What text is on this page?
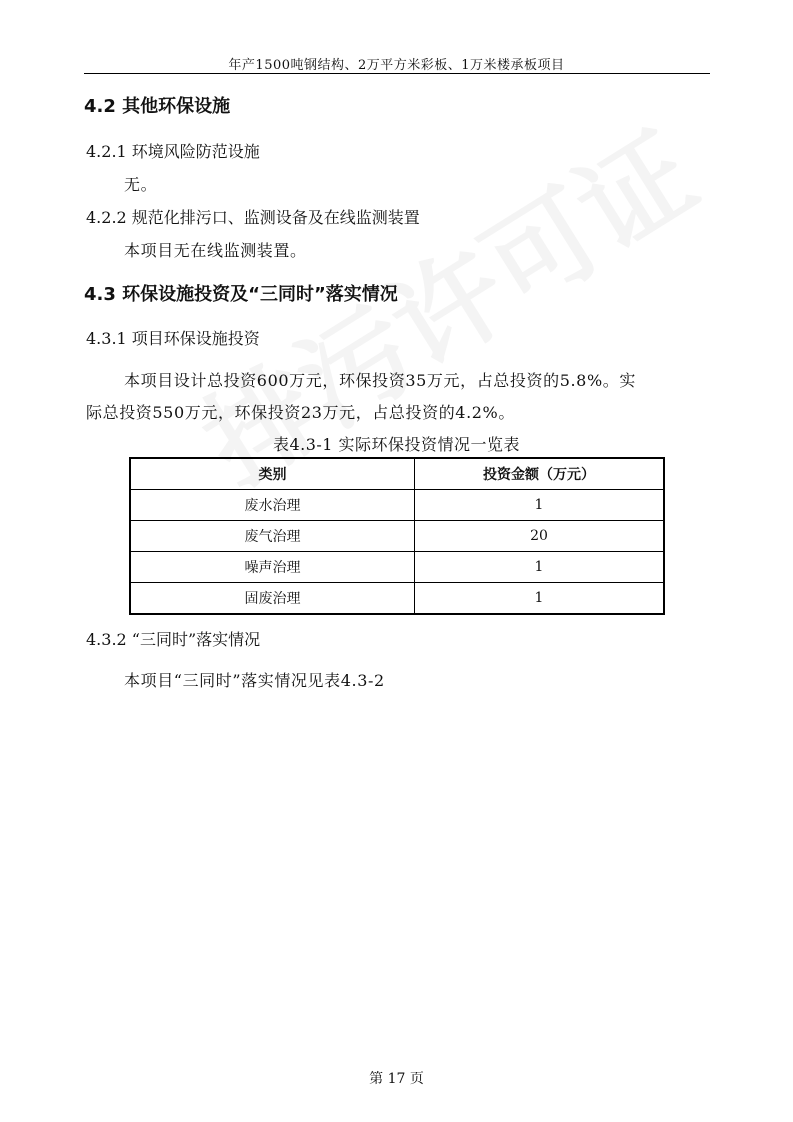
年产1500吨钢结构、2万平方米彩板、1万米楼承板项目
4.2 其他环保设施
4.2.1 环境风险防范设施
无。
4.2.2 规范化排污口、监测设备及在线监测装置
本项目无在线监测装置。
4.3 环保设施投资及“三同时”落实情况
4.3.1 项目环保设施投资
本项目设计总投资600万元，环保投资35万元，占总投资的5.8%。实
际总投资550万元，环保投资23万元，占总投资的4.2%。
表4.3-1 实际环保投资情况一览表
类别	投资金额（万元）
废水治理	1
废气治理	20
噪声治理	1
固废治理	1
4.3.2 “三同时”落实情况
本项目“三同时”落实情况见表4.3-2
第 17 页
